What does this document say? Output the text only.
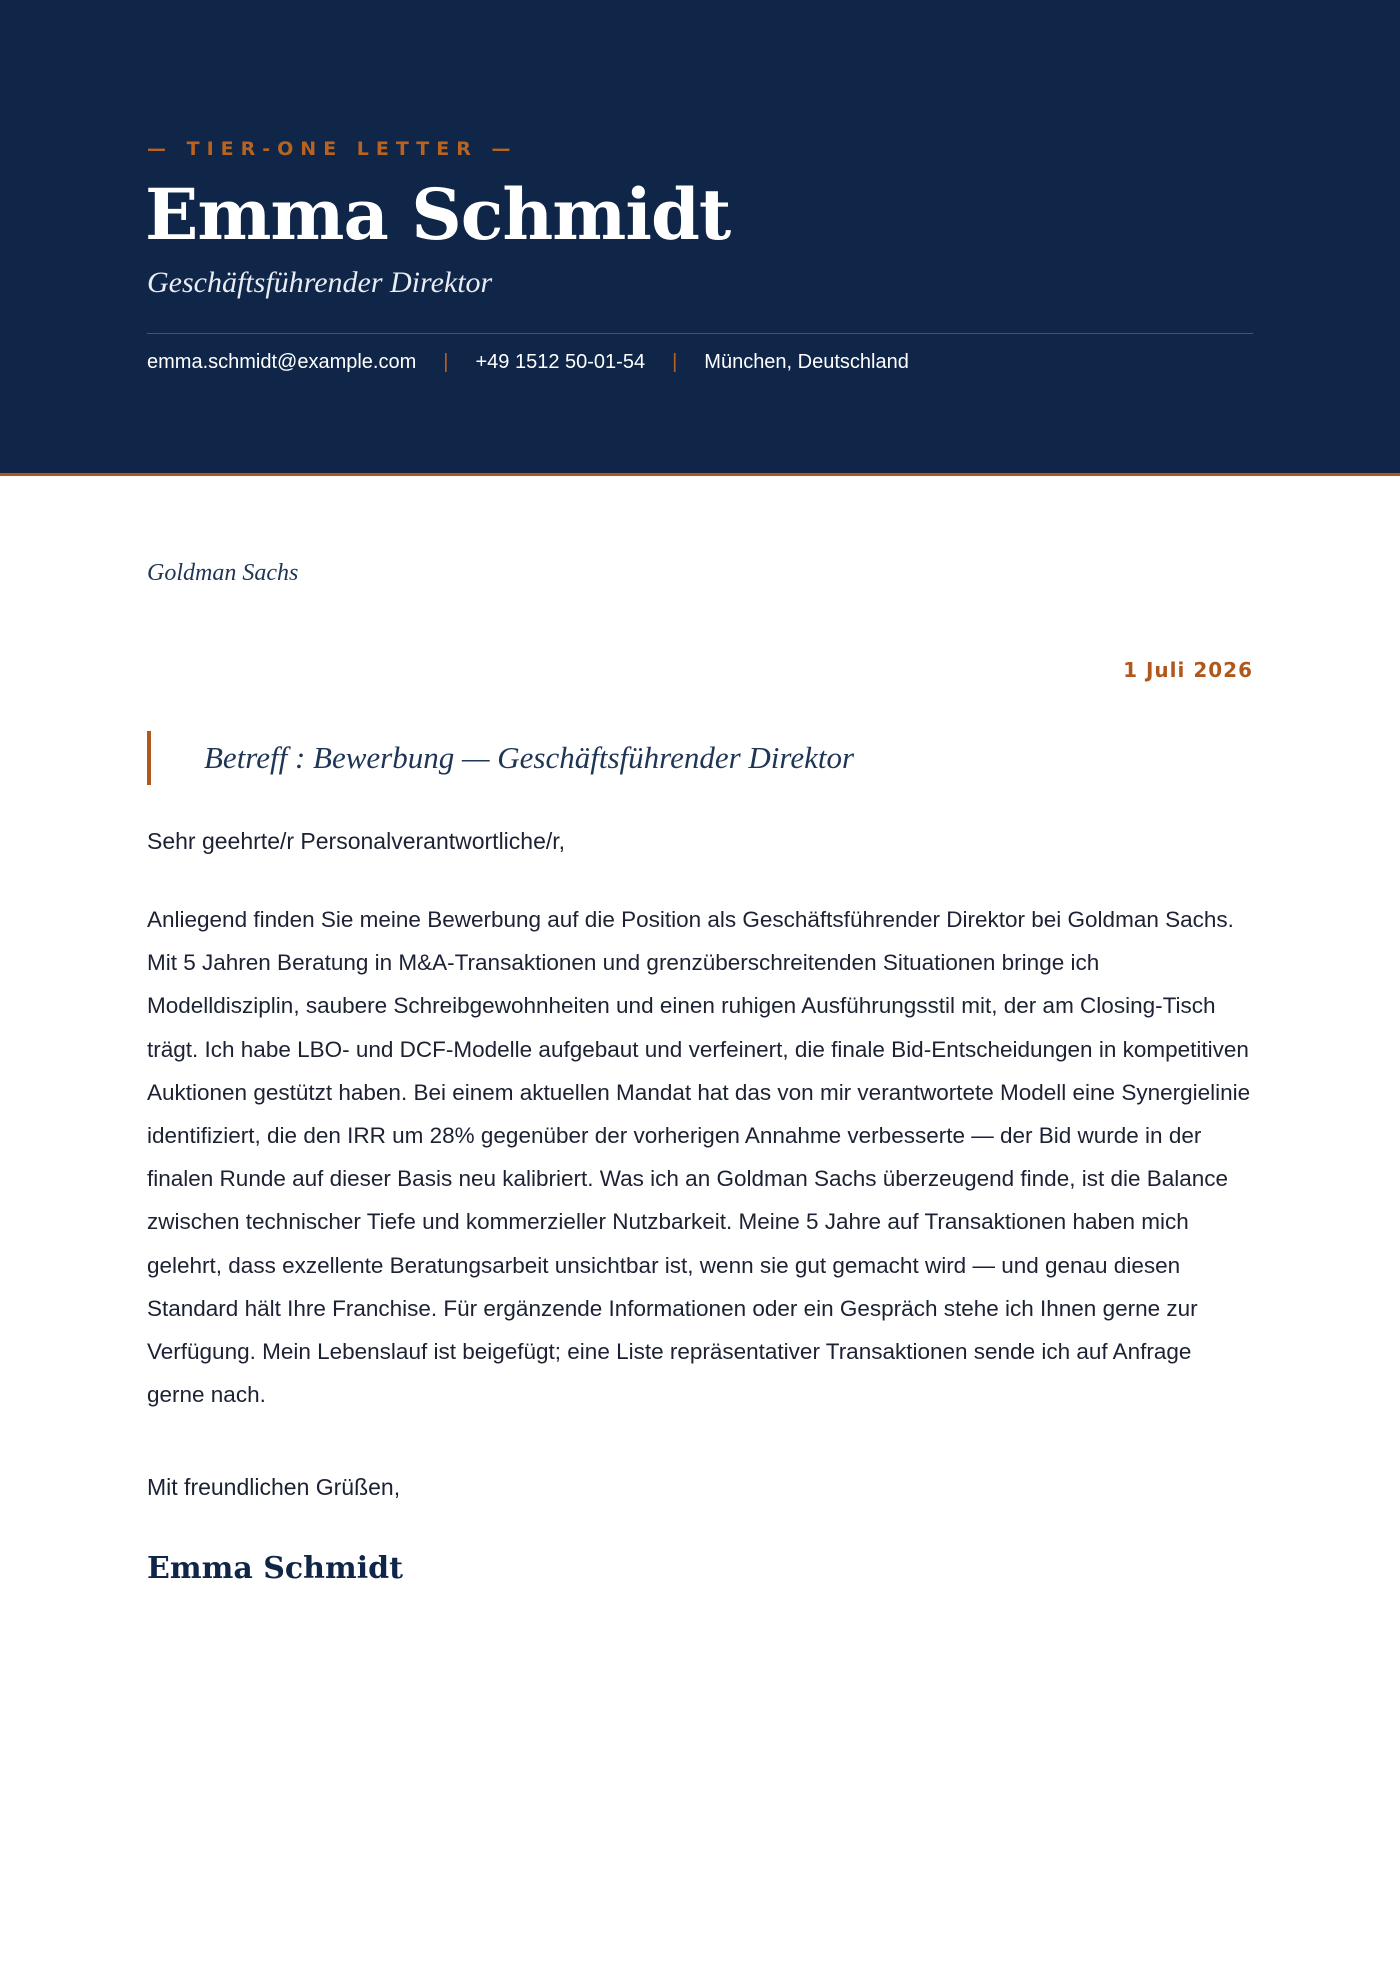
— TIER-ONE LETTER —
Emma Schmidt
Geschäftsführender Direktor
emma.schmidt@example.com | +49 1512 50-01-54 | München, Deutschland
Goldman Sachs
1 Juli 2026
Betreff : Bewerbung — Geschäftsführender Direktor
Sehr geehrte/r Personalverantwortliche/r,

Anliegend finden Sie meine Bewerbung auf die Position als Geschäftsführender Direktor bei Goldman Sachs. Mit 5 Jahren Beratung in M&A-Transaktionen und grenzüberschreitenden Situationen bringe ich Modelldisziplin, saubere Schreibgewohnheiten und einen ruhigen Ausführungsstil mit, der am Closing-Tisch trägt. Ich habe LBO- und DCF-Modelle aufgebaut und verfeinert, die finale Bid-Entscheidungen in kompetitiven Auktionen gestützt haben. Bei einem aktuellen Mandat hat das von mir verantwortete Modell eine Synergielinie identifiziert, die den IRR um 28% gegenüber der vorherigen Annahme verbesserte — der Bid wurde in der finalen Runde auf dieser Basis neu kalibriert. Was ich an Goldman Sachs überzeugend finde, ist die Balance zwischen technischer Tiefe und kommerzieller Nutzbarkeit. Meine 5 Jahre auf Transaktionen haben mich gelehrt, dass exzellente Beratungsarbeit unsichtbar ist, wenn sie gut gemacht wird — und genau diesen Standard hält Ihre Franchise. Für ergänzende Informationen oder ein Gespräch stehe ich Ihnen gerne zur Verfügung. Mein Lebenslauf ist beigefügt; eine Liste repräsentativer Transaktionen sende ich auf Anfrage gerne nach.

Mit freundlichen Grüßen,
Emma Schmidt
